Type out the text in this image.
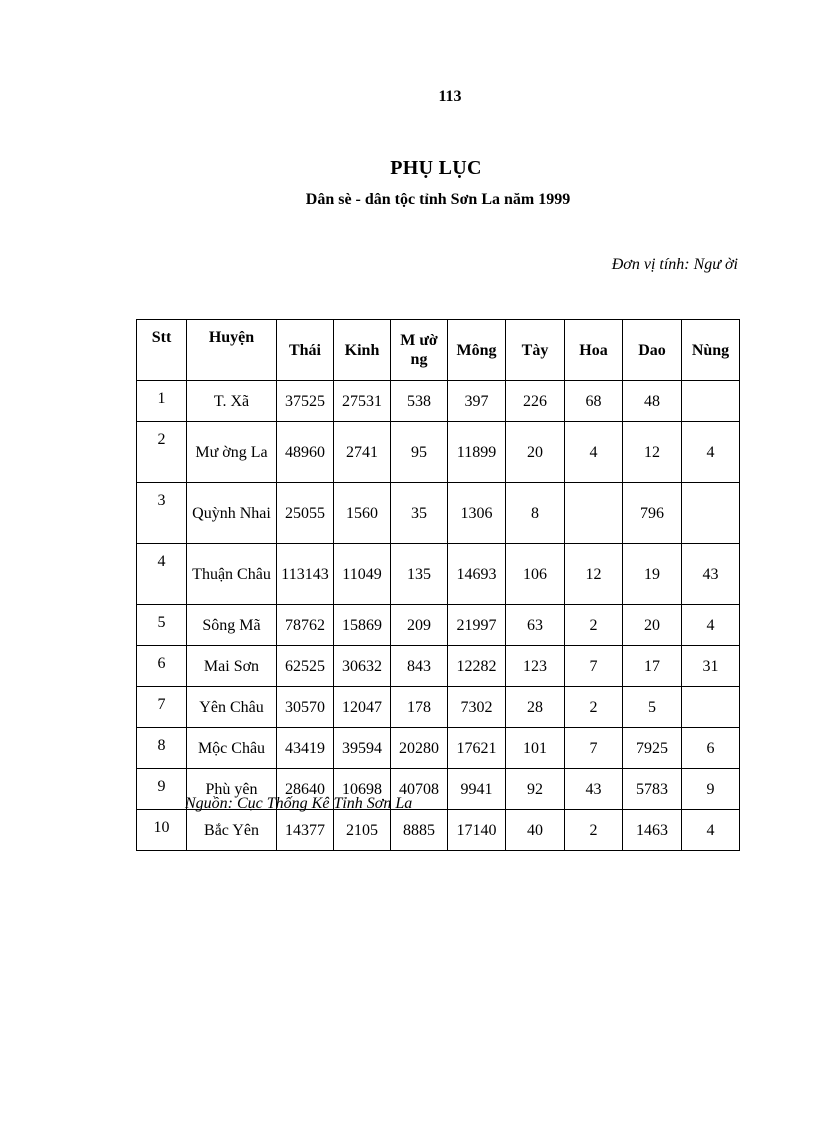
113
PHỤ LỤC
Dân sè - dân tộc tỉnh Sơn La năm 1999
Đơn vị tính: Ngư ời
Stt	Huyện	Thái	Kinh	M ườ ng	Mông	Tày	Hoa	Dao	Nùng
1	T. Xã	37525	27531	538	397	226	68	48	
2	Mư ờng La	48960	2741	95	11899	20	4	12	4
3	Quỳnh Nhai	25055	1560	35	1306	8		796	
4	Thuận Châu	113143	11049	135	14693	106	12	19	43
5	Sông Mã	78762	15869	209	21997	63	2	20	4
6	Mai Sơn	62525	30632	843	12282	123	7	17	31
7	Yên Châu	30570	12047	178	7302	28	2	5	
8	Mộc Châu	43419	39594	20280	17621	101	7	7925	6
9	Phù yên	28640	10698	40708	9941	92	43	5783	9
10	Bắc Yên	14377	2105	8885	17140	40	2	1463	4
Nguồn: Cục Thống Kê Tỉnh Sơn La
